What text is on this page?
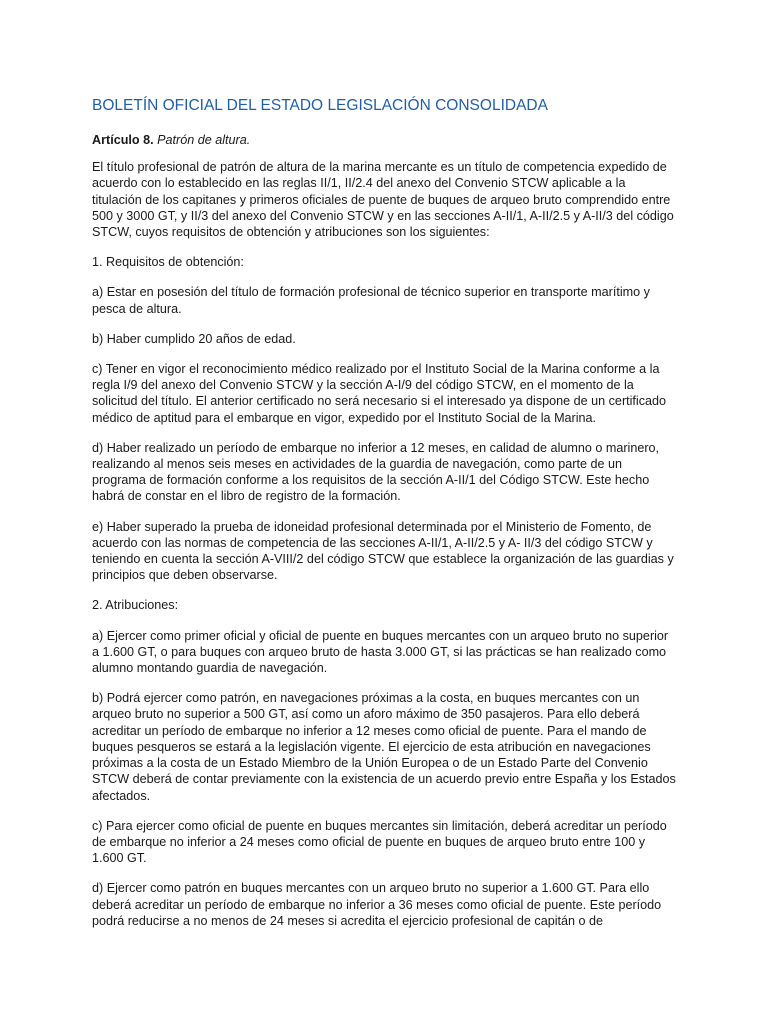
BOLETÍN OFICIAL DEL ESTADO LEGISLACIÓN CONSOLIDADA
Artículo 8. Patrón de altura.

El título profesional de patrón de altura de la marina mercante es un título de competencia expedido de acuerdo con lo establecido en las reglas II/1, II/2.4 del anexo del Convenio STCW aplicable a la titulación de los capitanes y primeros oficiales de puente de buques de arqueo bruto comprendido entre 500 y 3000 GT, y II/3 del anexo del Convenio STCW y en las secciones A-II/1, A-II/2.5 y A-II/3 del código STCW, cuyos requisitos de obtención y atribuciones son los siguientes:

1. Requisitos de obtención:

a) Estar en posesión del título de formación profesional de técnico superior en transporte marítimo y pesca de altura.

b) Haber cumplido 20 años de edad.

c) Tener en vigor el reconocimiento médico realizado por el Instituto Social de la Marina conforme a la regla I/9 del anexo del Convenio STCW y la sección A-I/9 del código STCW, en el momento de la solicitud del título. El anterior certificado no será necesario si el interesado ya dispone de un certificado médico de aptitud para el embarque en vigor, expedido por el Instituto Social de la Marina.

d) Haber realizado un período de embarque no inferior a 12 meses, en calidad de alumno o marinero, realizando al menos seis meses en actividades de la guardia de navegación, como parte de un programa de formación conforme a los requisitos de la sección A-II/1 del Código STCW. Este hecho habrá de constar en el libro de registro de la formación.

e) Haber superado la prueba de idoneidad profesional determinada por el Ministerio de Fomento, de acuerdo con las normas de competencia de las secciones A-II/1, A-II/2.5 y A- II/3 del código STCW y teniendo en cuenta la sección A-VIII/2 del código STCW que establece la organización de las guardias y principios que deben observarse.

2. Atribuciones:

a) Ejercer como primer oficial y oficial de puente en buques mercantes con un arqueo bruto no superior a 1.600 GT, o para buques con arqueo bruto de hasta 3.000 GT, si las prácticas se han realizado como alumno montando guardia de navegación.

b) Podrá ejercer como patrón, en navegaciones próximas a la costa, en buques mercantes con un arqueo bruto no superior a 500 GT, así como un aforo máximo de 350 pasajeros. Para ello deberá acreditar un período de embarque no inferior a 12 meses como oficial de puente. Para el mando de buques pesqueros se estará a la legislación vigente. El ejercicio de esta atribución en navegaciones próximas a la costa de un Estado Miembro de la Unión Europea o de un Estado Parte del Convenio STCW deberá de contar previamente con la existencia de un acuerdo previo entre España y los Estados afectados.

c) Para ejercer como oficial de puente en buques mercantes sin limitación, deberá acreditar un período de embarque no inferior a 24 meses como oficial de puente en buques de arqueo bruto entre 100 y 1.600 GT.

d) Ejercer como patrón en buques mercantes con un arqueo bruto no superior a 1.600 GT. Para ello deberá acreditar un período de embarque no inferior a 36 meses como oficial de puente. Este período podrá reducirse a no menos de 24 meses si acredita el ejercicio profesional de capitán o de
